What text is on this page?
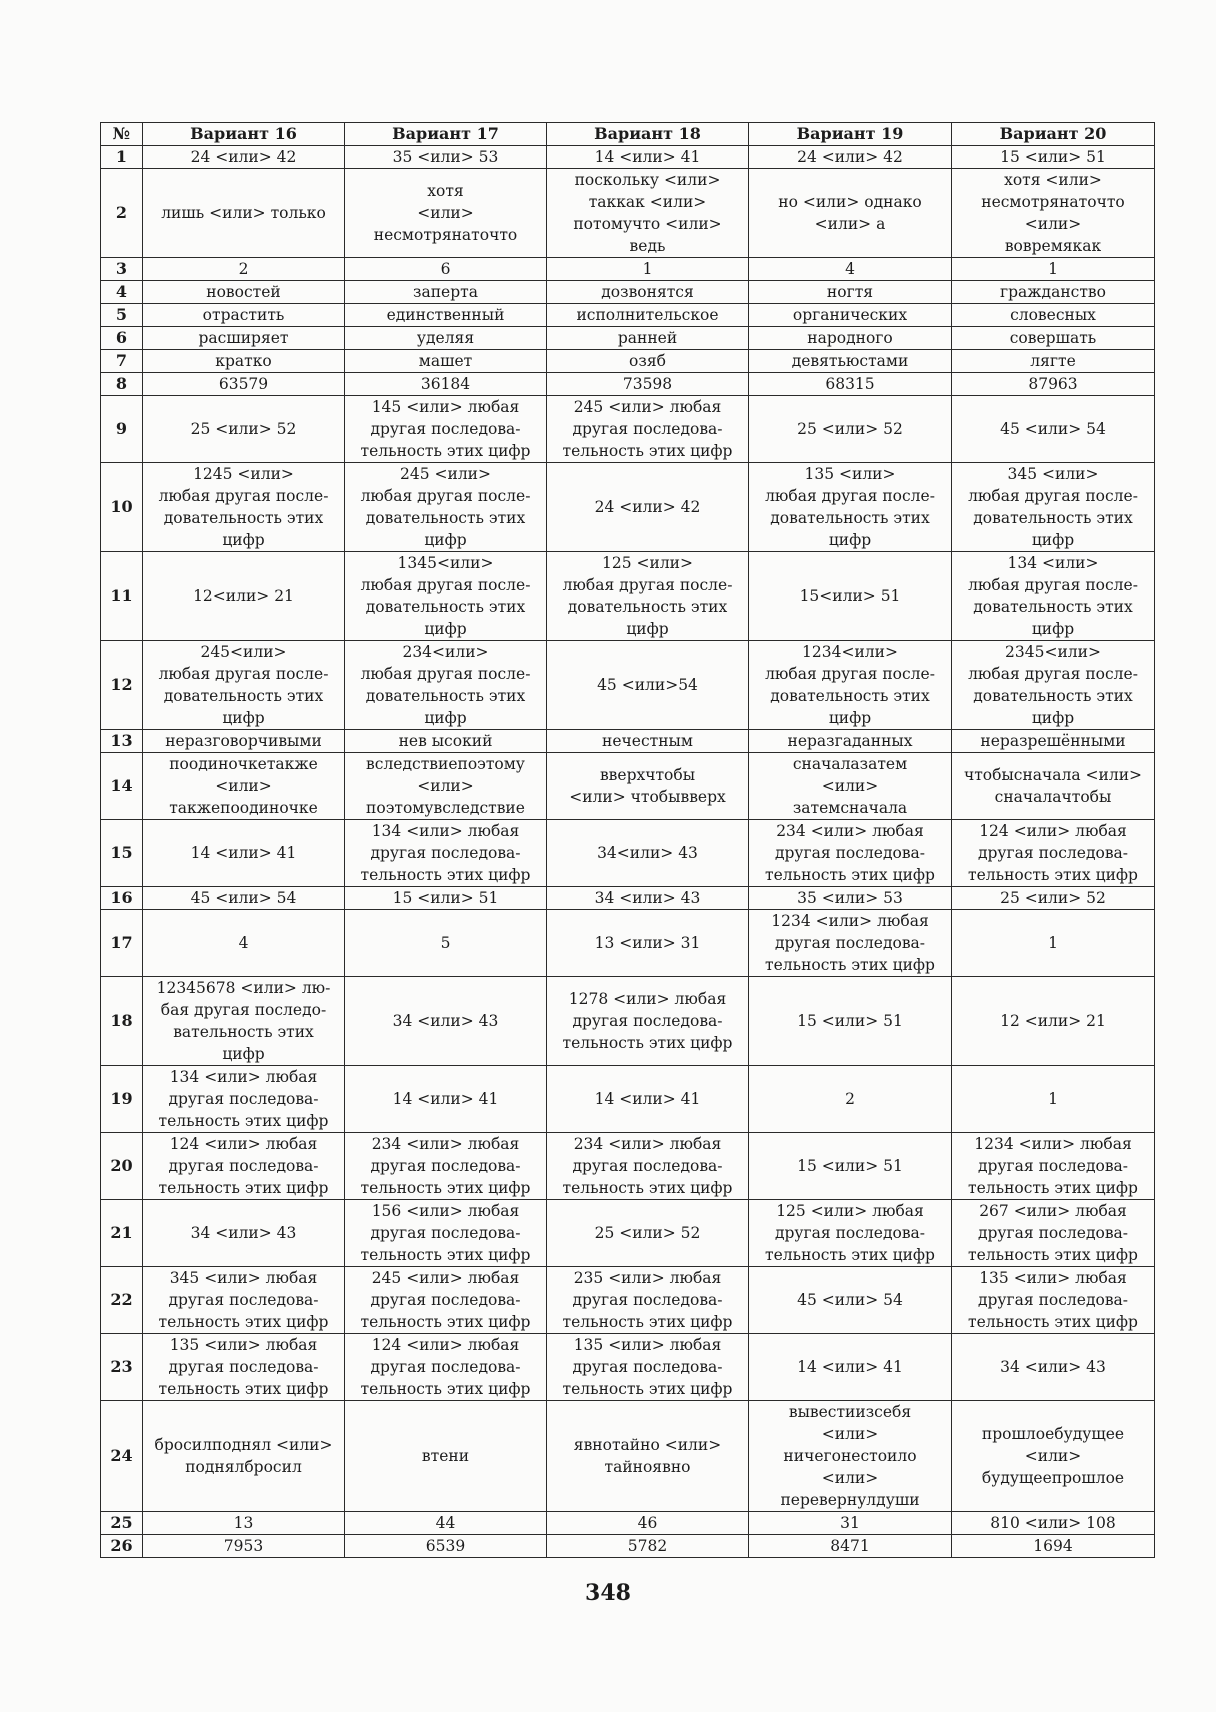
№	Вариант 16	Вариант 17	Вариант 18	Вариант 19	Вариант 20
1	24 <или> 42	35 <или> 53	14 <или> 41	24 <или> 42	15 <или> 51
2	лишь <или> только	хотя
<или>
несмотрянаточто	поскольку <или>
таккак <или>
потомучто <или>
ведь	но <или> однако
<или> а	хотя <или>
несмотрянаточто
<или>
вовремякак
3	2	6	1	4	1
4	новостей	заперта	дозвонятся	ногтя	гражданство
5	отрастить	единственный	исполнительское	органических	словесных
6	расширяет	уделяя	ранней	народного	совершать
7	кратко	машет	озяб	девятьюстами	лягте
8	63579	36184	73598	68315	87963
9	25 <или> 52	145 <или> любая
другая последова-
тельность этих цифр	245 <или> любая
другая последова-
тельность этих цифр	25 <или> 52	45 <или> 54
10	1245 <или>
любая другая после-
довательность этих
цифр	245 <или>
любая другая после-
довательность этих
цифр	24 <или> 42	135 <или>
любая другая после-
довательность этих
цифр	345 <или>
любая другая после-
довательность этих
цифр
11	12<или> 21	1345<или>
любая другая после-
довательность этих
цифр	125 <или>
любая другая после-
довательность этих
цифр	15<или> 51	134 <или>
любая другая после-
довательность этих
цифр
12	245<или>
любая другая после-
довательность этих
цифр	234<или>
любая другая после-
довательность этих
цифр	45 <или>54	1234<или>
любая другая после-
довательность этих
цифр	2345<или>
любая другая после-
довательность этих
цифр
13	неразговорчивыми	нев ысокий	нечестным	неразгаданных	неразрешёнными
14	поодиночкетакже
<или>
такжепоодиночке	вследствиепоэтому
<или>
поэтомувследствие	вверхчтобы
<или> чтобывверх	сначалазатем
<или>
затемсначала	чтобысначала <или>
сначалачтобы
15	14 <или> 41	134 <или> любая
другая последова-
тельность этих цифр	34<или> 43	234 <или> любая
другая последова-
тельность этих цифр	124 <или> любая
другая последова-
тельность этих цифр
16	45 <или> 54	15 <или> 51	34 <или> 43	35 <или> 53	25 <или> 52
17	4	5	13 <или> 31	1234 <или> любая
другая последова-
тельность этих цифр	1
18	12345678 <или> лю-
бая другая последо-
вательность этих
цифр	34 <или> 43	1278 <или> любая
другая последова-
тельность этих цифр	15 <или> 51	12 <или> 21
19	134 <или> любая
другая последова-
тельность этих цифр	14 <или> 41	14 <или> 41	2	1
20	124 <или> любая
другая последова-
тельность этих цифр	234 <или> любая
другая последова-
тельность этих цифр	234 <или> любая
другая последова-
тельность этих цифр	15 <или> 51	1234 <или> любая
другая последова-
тельность этих цифр
21	34 <или> 43	156 <или> любая
другая последова-
тельность этих цифр	25 <или> 52	125 <или> любая
другая последова-
тельность этих цифр	267 <или> любая
другая последова-
тельность этих цифр
22	345 <или> любая
другая последова-
тельность этих цифр	245 <или> любая
другая последова-
тельность этих цифр	235 <или> любая
другая последова-
тельность этих цифр	45 <или> 54	135 <или> любая
другая последова-
тельность этих цифр
23	135 <или> любая
другая последова-
тельность этих цифр	124 <или> любая
другая последова-
тельность этих цифр	135 <или> любая
другая последова-
тельность этих цифр	14 <или> 41	34 <или> 43
24	бросилподнял <или>
поднялбросил	втени	явнотайно <или>
тайноявно	вывестиизсебя
<или>
ничегонестоило
<или>
перевернулдуши	прошлоебудущее
<или>
будущеепрошлое
25	13	44	46	31	810 <или> 108
26	7953	6539	5782	8471	1694
348
